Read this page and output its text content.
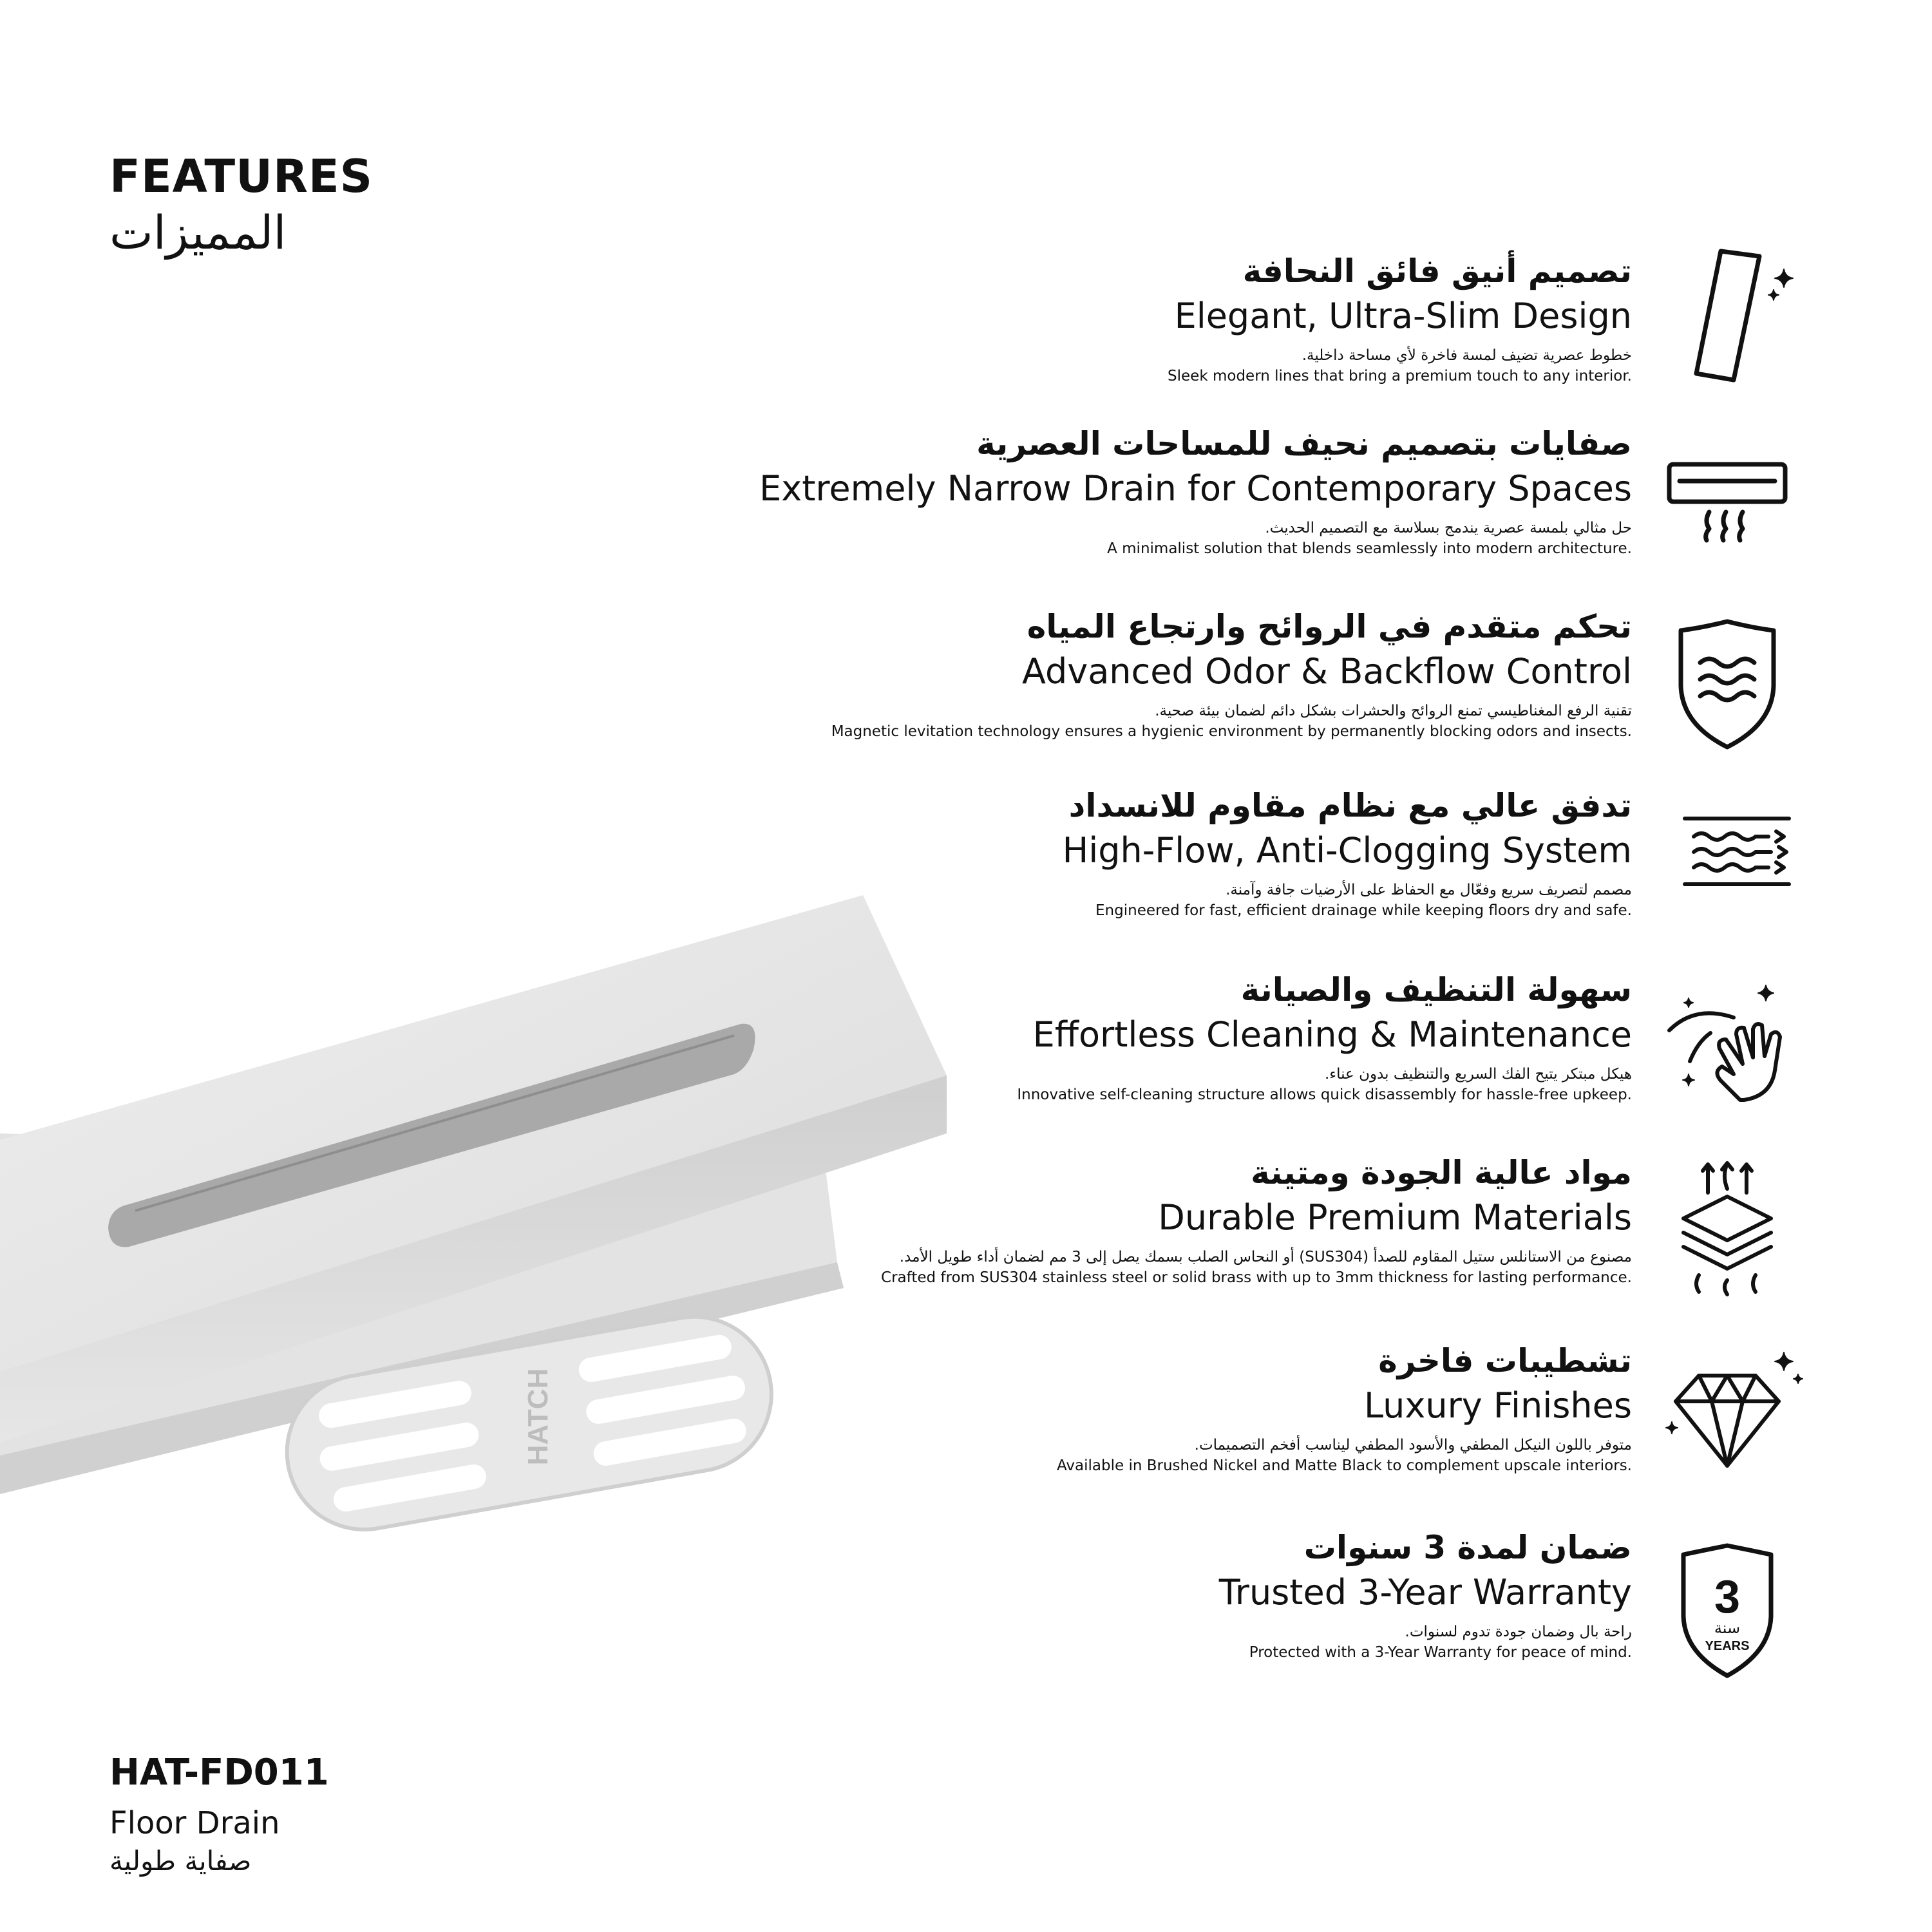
FEATURES
المميزات
تصميم أنيق فائق النحافة
Elegant, Ultra-Slim Design
خطوط عصرية تضيف لمسة فاخرة لأي مساحة داخلية.
Sleek modern lines that bring a premium touch to any interior.
صفايات بتصميم نحيف للمساحات العصرية
Extremely Narrow Drain for Contemporary Spaces
حل مثالي بلمسة عصرية يندمج بسلاسة مع التصميم الحديث.
A minimalist solution that blends seamlessly into modern architecture.
تحكم متقدم في الروائح وارتجاع المياه
Advanced Odor & Backflow Control
تقنية الرفع المغناطيسي تمنع الروائح والحشرات بشكل دائم لضمان بيئة صحية.
Magnetic levitation technology ensures a hygienic environment by permanently blocking odors and insects.
تدفق عالي مع نظام مقاوم للانسداد
High-Flow, Anti-Clogging System
مصمم لتصريف سريع وفعّال مع الحفاظ على الأرضيات جافة وآمنة.
Engineered for fast, efficient drainage while keeping floors dry and safe.
سهولة التنظيف والصيانة
Effortless Cleaning & Maintenance
هيكل مبتكر يتيح الفك السريع والتنظيف بدون عناء.
Innovative self-cleaning structure allows quick disassembly for hassle-free upkeep.
مواد عالية الجودة ومتينة
Durable Premium Materials
مصنوع من الاستانلس ستيل المقاوم للصدأ (SUS304) أو النحاس الصلب بسمك يصل إلى 3 مم لضمان أداء طويل الأمد.
Crafted from SUS304 stainless steel or solid brass with up to 3mm thickness for lasting performance.
تشطيبات فاخرة
Luxury Finishes
متوفر باللون النيكل المطفي والأسود المطفي ليناسب أفخم التصميمات.
Available in Brushed Nickel and Matte Black to complement upscale interiors.
ضمان لمدة 3 سنوات
Trusted 3-Year Warranty
راحة بال وضمان جودة تدوم لسنوات.
Protected with a 3-Year Warranty for peace of mind.
3
سنة
YEARS
HATCH
HAT-FD011
Floor Drain
صفاية طولية
